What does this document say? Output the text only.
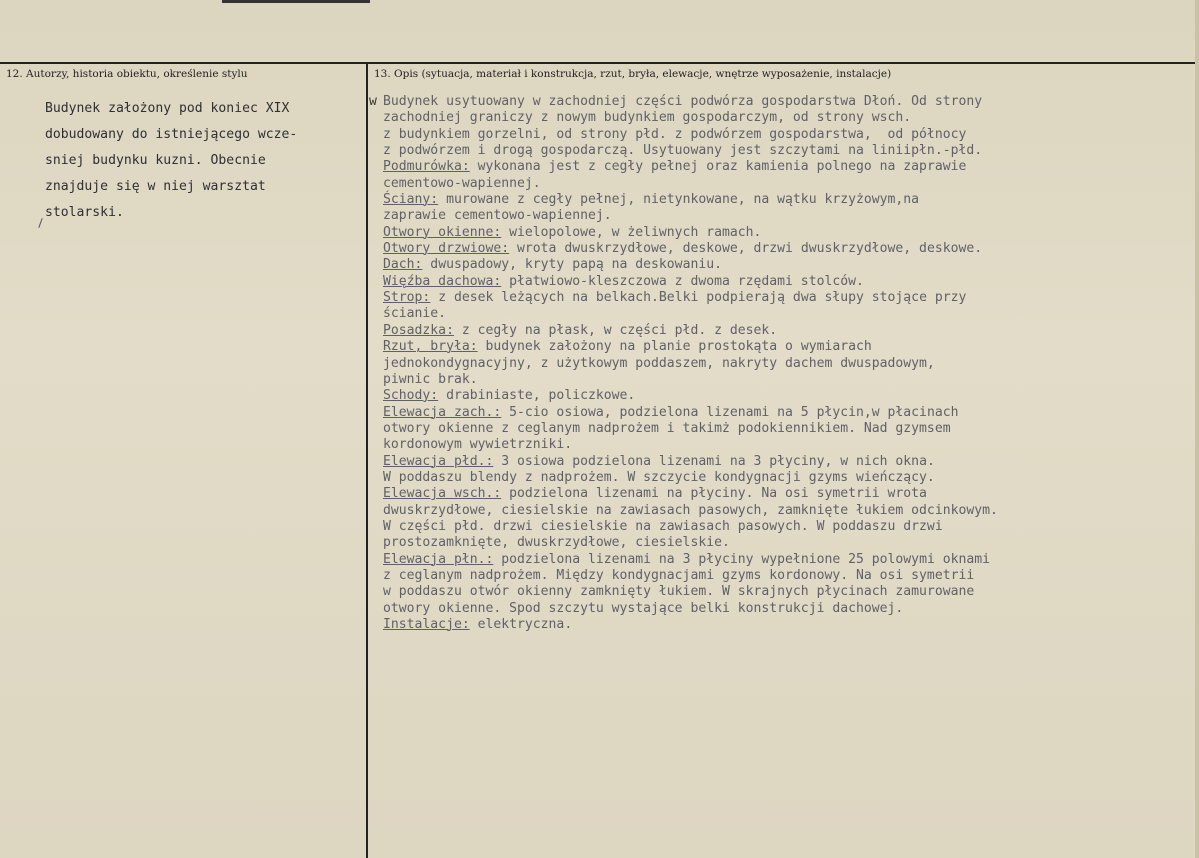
12. Autorzy, historia obiektu, określenie stylu	13. Opis (sytuacja, materiał i konstrukcja, rzut, bryła, elewacje, wnętrze wyposażenie, instalacje)
Budynek założony pod koniec XIX
dobudowany do istniejącego wcze-
sniej budynku kuzni. Obecnie
znajduje się w niej warsztat
stolarski.
w Budynek usytuowany w zachodniej części podwórza gospodarstwa Dłoń. Od strony
zachodniej graniczy z nowym budynkiem gospodarczym, od strony wsch.
z budynkiem gorzelni, od strony płd. z podwórzem gospodarstwa,  od północy
z podwórzem i drogą gospodarczą. Usytuowany jest szczytami na liniipłn.-płd.
Podmurówka: wykonana jest z cegły pełnej oraz kamienia polnego na zaprawie
cementowo-wapiennej.
Ściany: murowane z cegły pełnej, nietynkowane, na wątku krzyżowym,na
zaprawie cementowo-wapiennej.
Otwory okienne: wielopolowe, w żeliwnych ramach.
Otwory drzwiowe: wrota dwuskrzydłowe, deskowe, drzwi dwuskrzydłowe, deskowe.
Dach: dwuspadowy, kryty papą na deskowaniu.
Więźba dachowa: płatwiowo-kleszczowa z dwoma rzędami stolców.
Strop: z desek leżących na belkach.Belki podpierają dwa słupy stojące przy
ścianie.
Posadzka: z cegły na płask, w części płd. z desek.
Rzut, bryła: budynek założony na planie prostokąta o wymiarach
jednokondygnacyjny, z użytkowym poddaszem, nakryty dachem dwuspadowym,
piwnic brak.
Schody: drabiniaste, policzkowe.
Elewacja zach.: 5-cio osiowa, podzielona lizenami na 5 płycin,w płacinach
otwory okienne z ceglanym nadprożem i takimż podokiennikiem. Nad gzymsem
kordonowym wywietrzniki.
Elewacja płd.: 3 osiowa podzielona lizenami na 3 płyciny, w nich okna.
W poddaszu blendy z nadprożem. W szczycie kondygnacji gzyms wieńczący.
Elewacja wsch.: podzielona lizenami na płyciny. Na osi symetrii wrota
dwuskrzydłowe, ciesielskie na zawiasach pasowych, zamknięte łukiem odcinkowym.
W części płd. drzwi ciesielskie na zawiasach pasowych. W poddaszu drzwi
prostozamknięte, dwuskrzydłowe, ciesielskie.
Elewacja płn.: podzielona lizenami na 3 płyciny wypełnione 25 polowymi oknami
z ceglanym nadprożem. Między kondygnacjami gzyms kordonowy. Na osi symetrii
w poddaszu otwór okienny zamknięty łukiem. W skrajnych płycinach zamurowane
otwory okienne. Spod szczytu wystające belki konstrukcji dachowej.
Instalacje: elektryczna.
